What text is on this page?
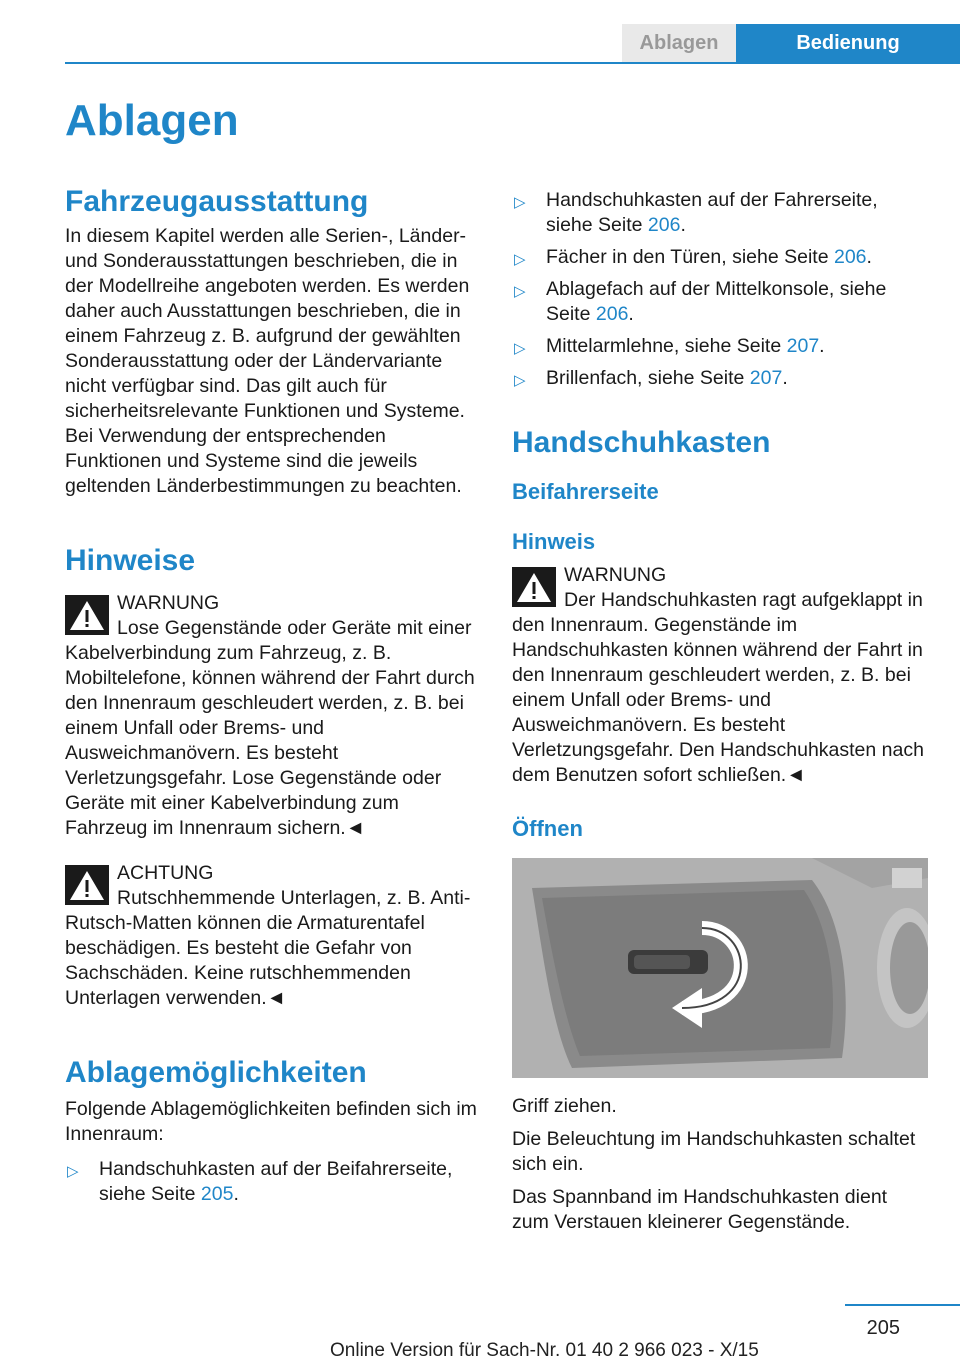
Ablagen	Bedienung
Ablagen
Fahrzeugausstattung

In diesem Kapitel werden alle Serien-, Länder- und Sonderausstattungen beschrieben, die in der Modellreihe angeboten werden. Es werden daher auch Ausstattungen beschrieben, die in einem Fahrzeug z. B. aufgrund der gewählten Sonderausstattung oder der Ländervariante nicht verfügbar sind. Das gilt auch für sicherheitsrelevante Funktionen und Systeme. Bei Verwendung der entsprechenden Funktionen und Systeme sind die jeweils geltenden Länderbestimmungen zu beachten.

Hinweise
WARNUNG
Lose Gegenstände oder Geräte mit einer Kabelverbindung zum Fahrzeug, z. B. Mobiltelefone, können während der Fahrt durch den Innenraum geschleudert werden, z. B. bei einem Unfall oder Brems- und Ausweichmanövern. Es besteht Verletzungsgefahr. Lose Gegenstände oder Geräte mit einer Kabelverbindung zum Fahrzeug im Innenraum sichern.◄
ACHTUNG
Rutschhemmende Unterlagen, z. B. Anti-Rutsch-Matten können die Armaturentafel beschädigen. Es besteht die Gefahr von Sachschäden. Keine rutschhemmenden Unterlagen verwenden.◄
Ablagemöglichkeiten

Folgende Ablagemöglichkeiten befinden sich im Innenraum:

▷ Handschuhkasten auf der Beifahrerseite, siehe Seite 205.
▷ Handschuhkasten auf der Fahrerseite, siehe Seite 206.
▷ Fächer in den Türen, siehe Seite 206.
▷ Ablagefach auf der Mittelkonsole, siehe Seite 206.
▷ Mittelarmlehne, siehe Seite 207.
▷ Brillenfach, siehe Seite 207.
Handschuhkasten
Beifahrerseite
Hinweis
WARNUNG
Der Handschuhkasten ragt aufgeklappt in den Innenraum. Gegenstände im Handschuhkasten können während der Fahrt in den Innenraum geschleudert werden, z. B. bei einem Unfall oder Brems- und Ausweichmanövern. Es besteht Verletzungsgefahr. Den Handschuhkasten nach dem Benutzen sofort schließen.◄
Öffnen

Griff ziehen.

Die Beleuchtung im Handschuhkasten schaltet sich ein.

Das Spannband im Handschuhkasten dient zum Verstauen kleinerer Gegenstände.

205
Online Version für Sach-Nr. 01 40 2 966 023 - X/15
